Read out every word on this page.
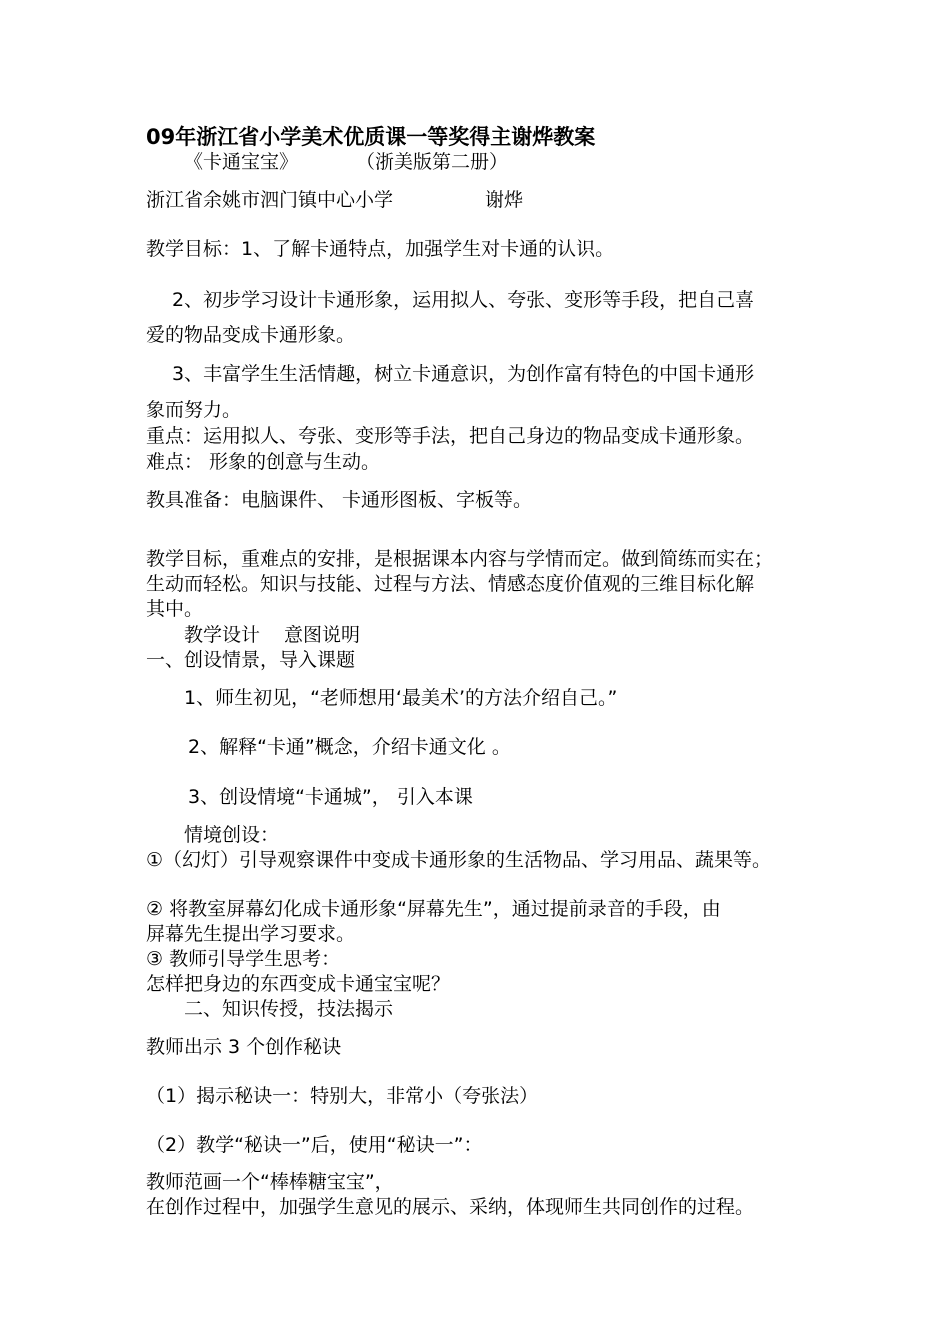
09年浙江省小学美术优质课一等奖得主谢烨教案
《卡通宝宝》	（浙美版第二册）
浙江省余姚市泗门镇中心小学	谢烨
教学目标：1、了解卡通特点，加强学生对卡通的认识。
2、初步学习设计卡通形象，运用拟人、夸张、变形等手段，把自己喜
爱的物品变成卡通形象。
3、丰富学生生活情趣，树立卡通意识，为创作富有特色的中国卡通形
象而努力。
重点：运用拟人、夸张、变形等手法，把自己身边的物品变成卡通形象。
难点： 形象的创意与生动。
教具准备：电脑课件、 卡通形图板、字板等。
教学目标，重难点的安排，是根据课本内容与学情而定。做到简练而实在；
生动而轻松。知识与技能、过程与方法、情感态度价值观的三维目标化解
其中。
教学设计 意图说明
一、创设情景，导入课题
1、师生初见，“老师想用‘最美术’的方法介绍自己。”
2、解释“卡通”概念，介绍卡通文化 。
3、创设情境“卡通城”， 引入本课
情境创设：
①（幻灯）引导观察课件中变成卡通形象的生活物品、学习用品、蔬果等。
② 将教室屏幕幻化成卡通形象“屏幕先生”，通过提前录音的手段，由
屏幕先生提出学习要求。
③ 教师引导学生思考：
怎样把身边的东西变成卡通宝宝呢？
二、知识传授，技法揭示
教师出示 3 个创作秘诀
（1）揭示秘诀一：特别大，非常小（夸张法）
（2）教学“秘诀一”后，使用“秘诀一”：
教师范画一个“棒棒糖宝宝”，
在创作过程中，加强学生意见的展示、采纳，体现师生共同创作的过程。
